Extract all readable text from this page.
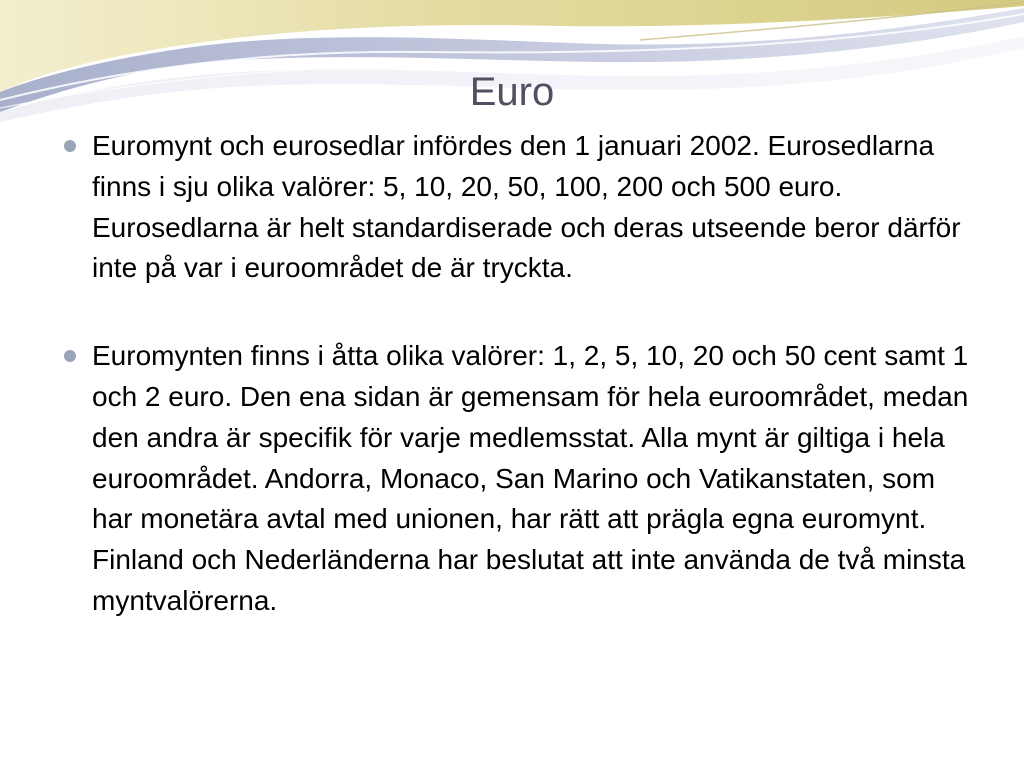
Euro
Euromynt och eurosedlar infördes den 1 januari 2002. Eurosedlarna finns i sju olika valörer: 5, 10, 20, 50, 100, 200 och 500 euro. Eurosedlarna är helt standardiserade och deras utseende beror därför inte på var i euroområdet de är tryckta.
Euromynten finns i åtta olika valörer: 1, 2, 5, 10, 20 och 50 cent samt 1 och 2 euro. Den ena sidan är gemensam för hela euroområdet, medan den andra är specifik för varje medlemsstat. Alla mynt är giltiga i hela euroområdet. Andorra, Monaco, San Marino och Vatikanstaten, som har monetära avtal med unionen, har rätt att prägla egna euromynt. Finland och Nederländerna har beslutat att inte använda de två minsta myntvalörerna.
